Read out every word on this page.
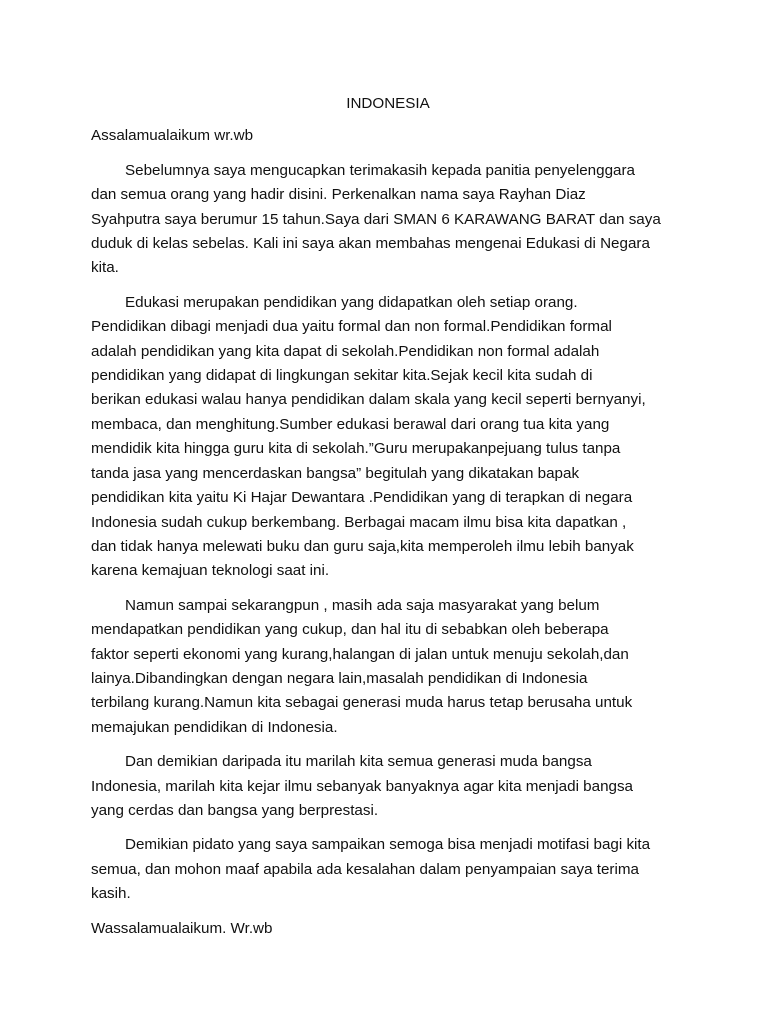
INDONESIA
Assalamualaikum wr.wb
Sebelumnya saya mengucapkan terimakasih kepada panitia penyelenggara
dan semua orang yang hadir disini. Perkenalkan nama saya Rayhan Diaz
Syahputra saya berumur 15 tahun.Saya dari SMAN 6 KARAWANG BARAT dan saya
duduk di kelas sebelas. Kali ini saya akan membahas mengenai Edukasi di Negara
kita.
Edukasi merupakan pendidikan yang didapatkan oleh setiap orang.
Pendidikan dibagi menjadi dua yaitu formal dan non formal.Pendidikan formal
adalah pendidikan yang kita dapat di sekolah.Pendidikan non formal adalah
pendidikan yang didapat di lingkungan sekitar kita.Sejak kecil kita sudah di
berikan edukasi walau hanya pendidikan dalam skala yang kecil seperti bernyanyi,
membaca, dan menghitung.Sumber edukasi berawal dari orang tua kita yang
mendidik kita hingga guru kita di sekolah.”Guru merupakanpejuang tulus tanpa
tanda jasa yang mencerdaskan bangsa” begitulah yang dikatakan bapak
pendidikan kita yaitu Ki Hajar Dewantara .Pendidikan yang di terapkan di negara
Indonesia sudah cukup berkembang. Berbagai macam ilmu bisa kita dapatkan ,
dan tidak hanya melewati buku dan guru saja,kita memperoleh ilmu lebih banyak
karena kemajuan teknologi saat ini.
Namun sampai sekarangpun , masih ada saja masyarakat yang belum
mendapatkan pendidikan yang cukup, dan hal itu di sebabkan oleh beberapa
faktor seperti ekonomi yang kurang,halangan di jalan untuk menuju sekolah,dan
lainya.Dibandingkan dengan negara lain,masalah pendidikan di Indonesia
terbilang kurang.Namun kita sebagai generasi muda harus tetap berusaha untuk
memajukan pendidikan di Indonesia.
Dan demikian daripada itu marilah kita semua generasi muda bangsa
Indonesia, marilah kita kejar ilmu sebanyak banyaknya agar kita menjadi bangsa
yang cerdas dan bangsa yang berprestasi.
Demikian pidato yang saya sampaikan semoga bisa menjadi motifasi bagi kita
semua, dan mohon maaf apabila ada kesalahan dalam penyampaian saya terima
kasih.
Wassalamualaikum. Wr.wb
